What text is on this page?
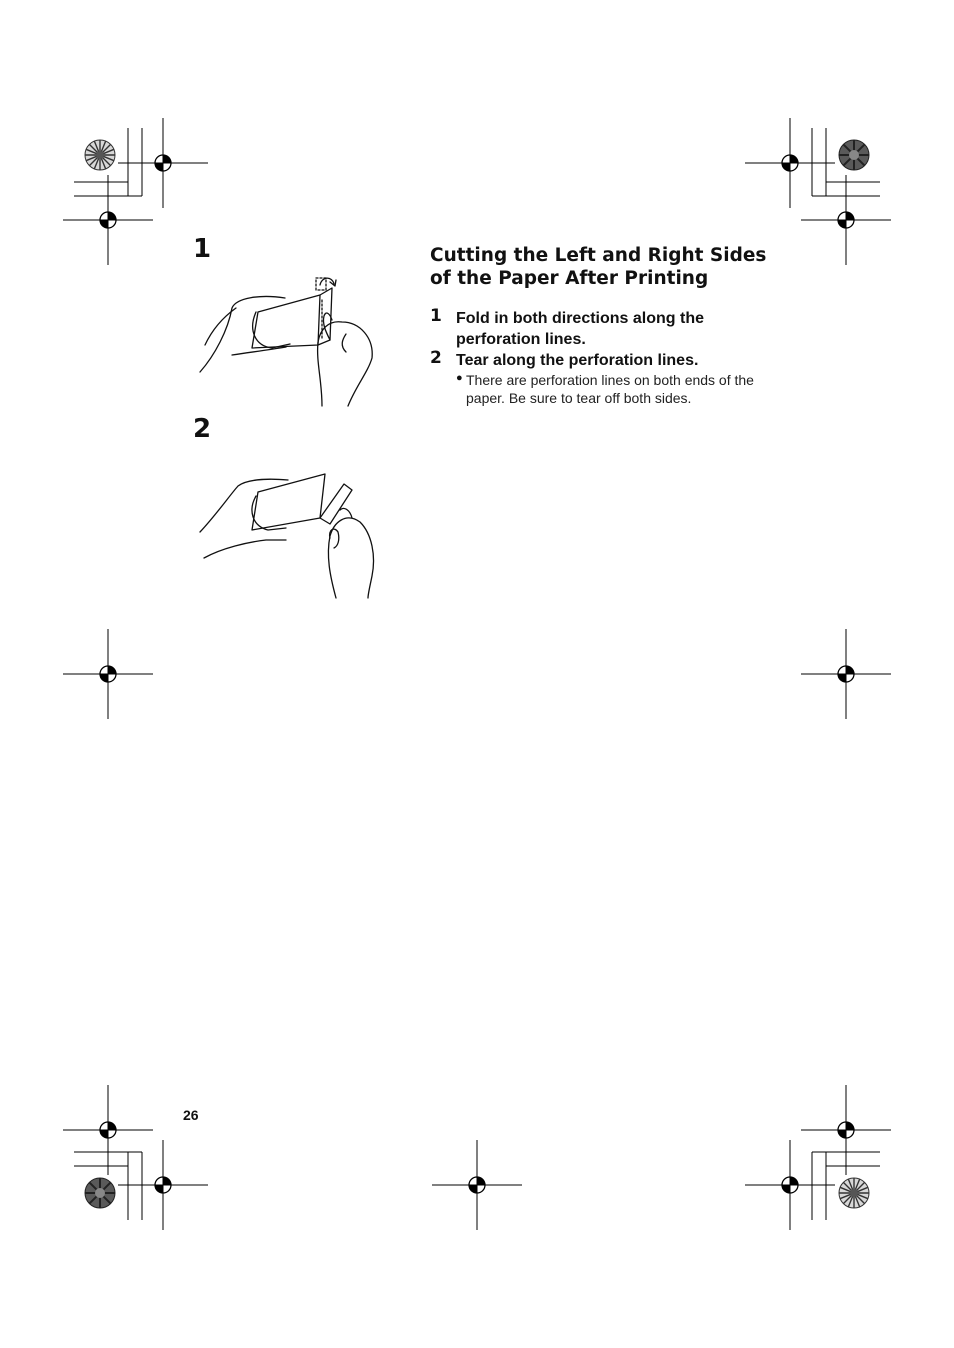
1
2
Cutting the Left and Right Sides
of the Paper After Printing
1 Fold in both directions along the
perforation lines.
2 Tear along the perforation lines.
● There are perforation lines on both ends of the
paper. Be sure to tear off both sides.
26
